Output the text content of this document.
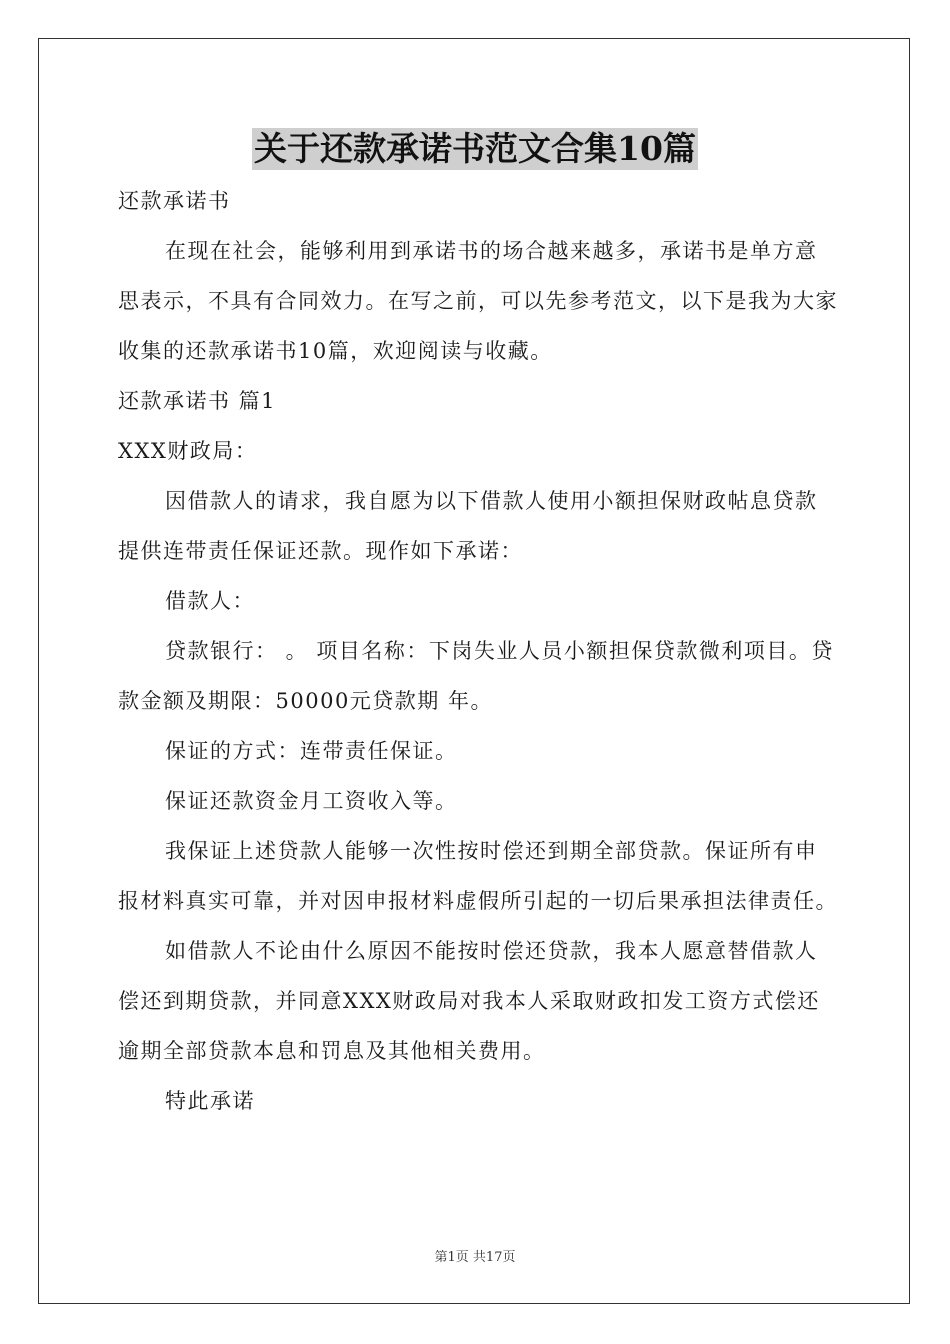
关于还款承诺书范文合集10篇

还款承诺书

在现在社会，能够利用到承诺书的场合越来越多，承诺书是单方意思表示，不具有合同效力。在写之前，可以先参考范文，以下是我为大家收集的还款承诺书10篇，欢迎阅读与收藏。

还款承诺书 篇1

XXX财政局：

因借款人的请求，我自愿为以下借款人使用小额担保财政帖息贷款提供连带责任保证还款。现作如下承诺：

借款人：

贷款银行： 。 项目名称：下岗失业人员小额担保贷款微利项目。贷款金额及期限：50000元贷款期 年。

保证的方式：连带责任保证。

保证还款资金月工资收入等。

我保证上述贷款人能够一次性按时偿还到期全部贷款。保证所有申报材料真实可靠，并对因申报材料虚假所引起的一切后果承担法律责任。

如借款人不论由什么原因不能按时偿还贷款，我本人愿意替借款人偿还到期贷款，并同意XXX财政局对我本人采取财政扣发工资方式偿还逾期全部贷款本息和罚息及其他相关费用。

特此承诺

第1页 共17页
